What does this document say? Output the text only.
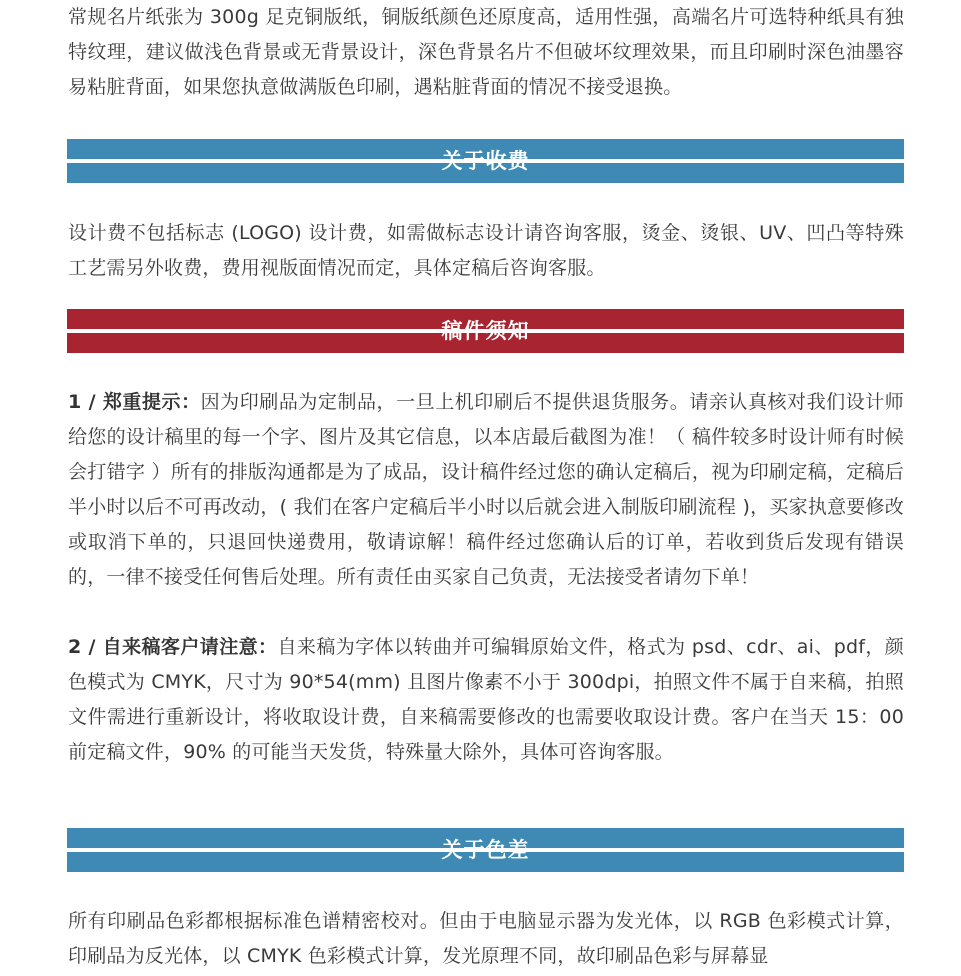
常规名片纸张为 300g 足克铜版纸，铜版纸颜色还原度高，适用性强，高端名片可选特种纸具有独特纹理，建议做浅色背景或无背景设计，深色背景名片不但破坏纹理效果，而且印刷时深色油墨容易粘脏背面，如果您执意做满版色印刷，遇粘脏背面的情况不接受退换。

关于收费

设计费不包括标志 (LOGO) 设计费，如需做标志设计请咨询客服，烫金、烫银、UV、凹凸等特殊工艺需另外收费，费用视版面情况而定，具体定稿后咨询客服。

稿件须知

1 / 郑重提示：因为印刷品为定制品，一旦上机印刷后不提供退货服务。请亲认真核对我们设计师给您的设计稿里的每一个字、图片及其它信息，以本店最后截图为准！（ 稿件较多时设计师有时候会打错字 ）所有的排版沟通都是为了成品，设计稿件经过您的确认定稿后，视为印刷定稿，定稿后半小时以后不可再改动，( 我们在客户定稿后半小时以后就会进入制版印刷流程 )，买家执意要修改或取消下单的，只退回快递费用，敬请谅解！稿件经过您确认后的订单，若收到货后发现有错误的，一律不接受任何售后处理。所有责任由买家自己负责，无法接受者请勿下单！

2 / 自来稿客户请注意：自来稿为字体以转曲并可编辑原始文件，格式为 psd、cdr、ai、pdf，颜色模式为 CMYK，尺寸为 90*54(mm) 且图片像素不小于 300dpi，拍照文件不属于自来稿，拍照文件需进行重新设计，将收取设计费，自来稿需要修改的也需要收取设计费。客户在当天 15：00 前定稿文件，90% 的可能当天发货，特殊量大除外，具体可咨询客服。

关于色差

所有印刷品色彩都根据标准色谱精密校对。但由于电脑显示器为发光体，以 RGB 色彩模式计算，印刷品为反光体，以 CMYK 色彩模式计算，发光原理不同，故印刷品色彩与屏幕显
